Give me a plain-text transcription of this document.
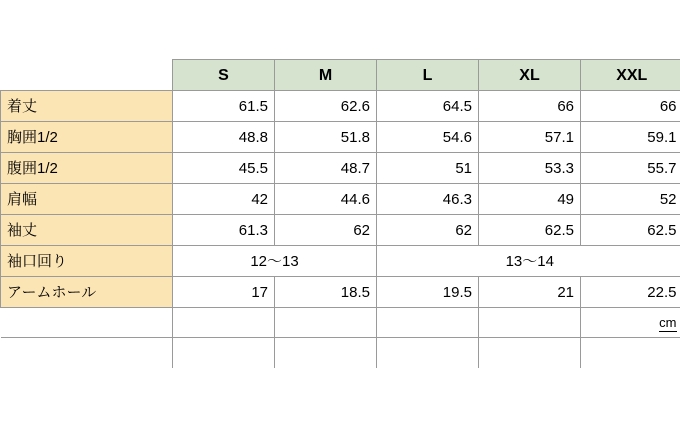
	S	M	L	XL	XXL
着丈	61.5	62.6	64.5	66	66
胸囲1/2	48.8	51.8	54.6	57.1	59.1
腹囲1/2	45.5	48.7	51	53.3	55.7
肩幅	42	44.6	46.3	49	52
袖丈	61.3	62	62	62.5	62.5
袖口回り	12〜13		13〜14		
アームホール	17	18.5	19.5	21	22.5
					cm
